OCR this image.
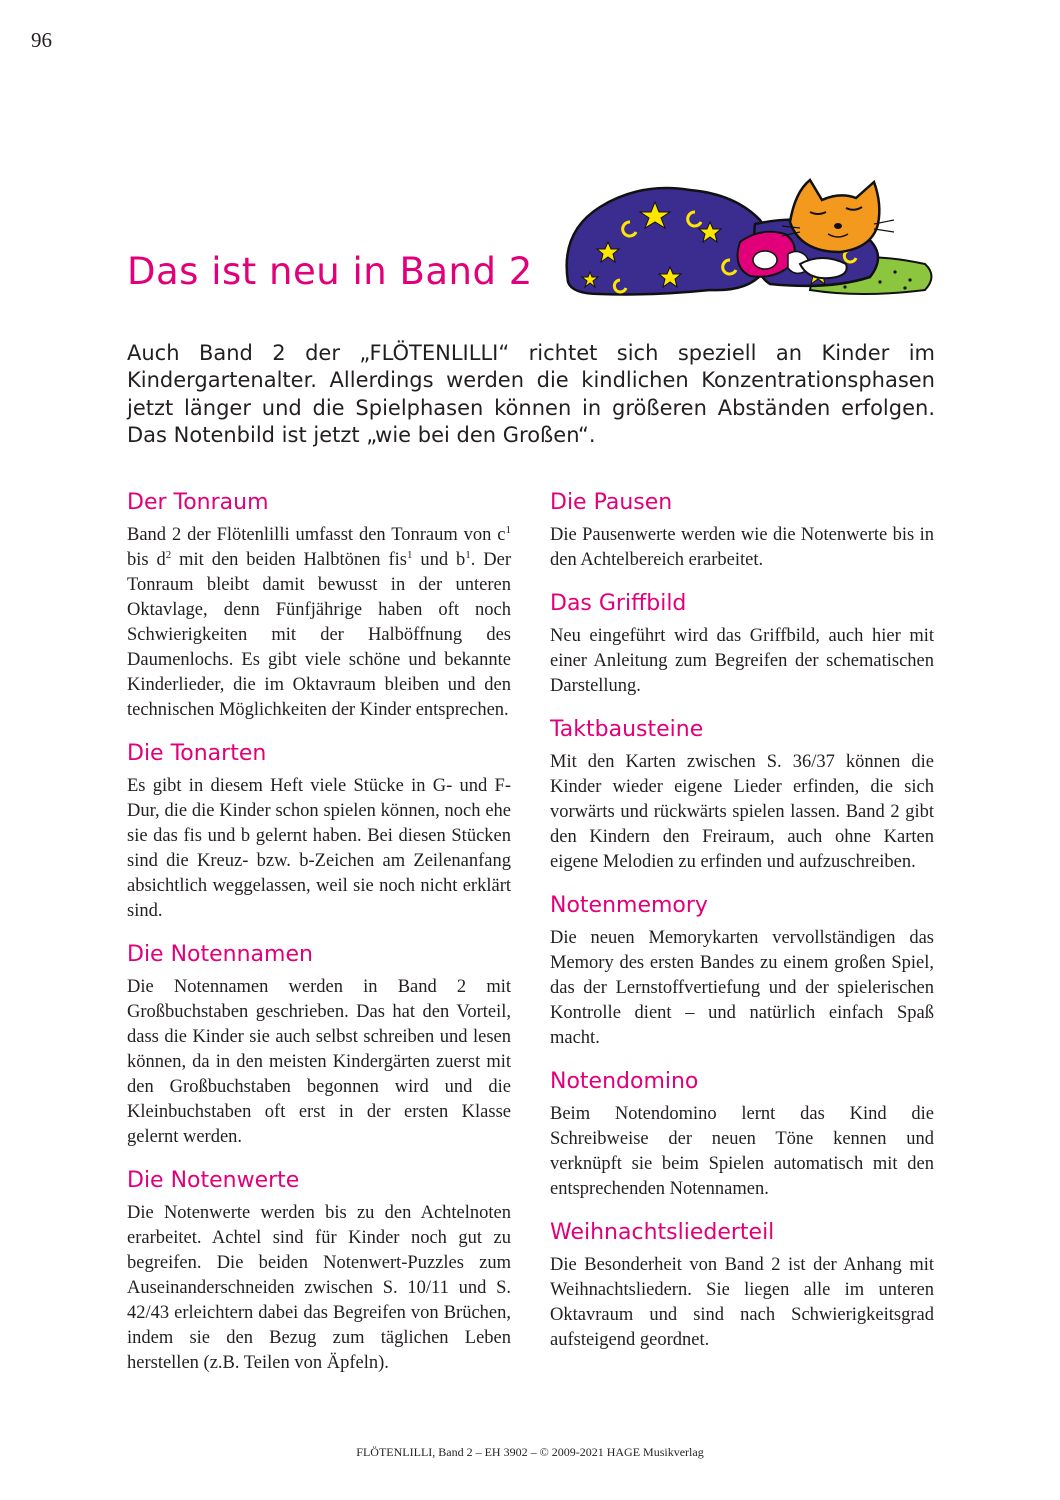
96
Das ist neu in Band 2

Auch Band 2 der „FLÖTENLILLI“ richtet sich speziell an Kinder im Kindergartenalter. Allerdings werden die kindlichen Konzentrationsphasen jetzt länger und die Spielphasen können in größeren Abständen erfolgen. Das Notenbild ist jetzt „wie bei den Großen“.

Der Tonraum

Band 2 der Flötenlilli umfasst den Tonraum von $c^1$ bis $d^2$ mit den beiden Halbtönen fis$^1$ und $b^1$. Der Tonraum bleibt damit bewusst in der unteren Oktavlage, denn Fünfjährige haben oft noch Schwierigkeiten mit der Halböffnung des Daumenlochs. Es gibt viele schöne und bekannte Kinderlieder, die im Oktavraum bleiben und den technischen Möglichkeiten der Kinder entsprechen.

Die Tonarten

Es gibt in diesem Heft viele Stücke in G- und F-Dur, die die Kinder schon spielen können, noch ehe sie das fis und b gelernt haben. Bei diesen Stücken sind die Kreuz- bzw. b-Zeichen am Zeilenanfang absichtlich weggelassen, weil sie noch nicht erklärt sind.

Die Notennamen

Die Notennamen werden in Band 2 mit Großbuchstaben geschrieben. Das hat den Vorteil, dass die Kinder sie auch selbst schreiben und lesen können, da in den meisten Kindergärten zuerst mit den Großbuchstaben begonnen wird und die Kleinbuchstaben oft erst in der ersten Klasse gelernt werden.

Die Notenwerte

Die Notenwerte werden bis zu den Achtelnoten erarbeitet. Achtel sind für Kinder noch gut zu begreifen. Die beiden Notenwert-Puzzles zum Auseinanderschneiden zwischen S. 10/11 und S. 42/43 erleichtern dabei das Begreifen von Brüchen, indem sie den Bezug zum täglichen Leben herstellen (z.B. Teilen von Äpfeln).

Die Pausen

Die Pausenwerte werden wie die Notenwerte bis in den Achtelbereich erarbeitet.

Das Griffbild

Neu eingeführt wird das Griffbild, auch hier mit einer Anleitung zum Begreifen der schematischen Darstellung.

Taktbausteine

Mit den Karten zwischen S. 36/37 können die Kinder wieder eigene Lieder erfinden, die sich vorwärts und rückwärts spielen lassen. Band 2 gibt den Kindern den Freiraum, auch ohne Karten eigene Melodien zu erfinden und aufzuschreiben.

Notenmemory

Die neuen Memorykarten vervollständigen das Memory des ersten Bandes zu einem großen Spiel, das der Lernstoffvertiefung und der spielerischen Kontrolle dient – und natürlich einfach Spaß macht.

Notendomino

Beim Notendomino lernt das Kind die Schreibweise der neuen Töne kennen und verknüpft sie beim Spielen automatisch mit den entsprechenden Notennamen.

Weihnachtsliederteil

Die Besonderheit von Band 2 ist der Anhang mit Weihnachtsliedern. Sie liegen alle im unteren Oktavraum und sind nach Schwierigkeitsgrad aufsteigend geordnet.

FLÖTENLILLI, Band 2 – EH 3902 – © 2009-2021 HAGE Musikverlag
